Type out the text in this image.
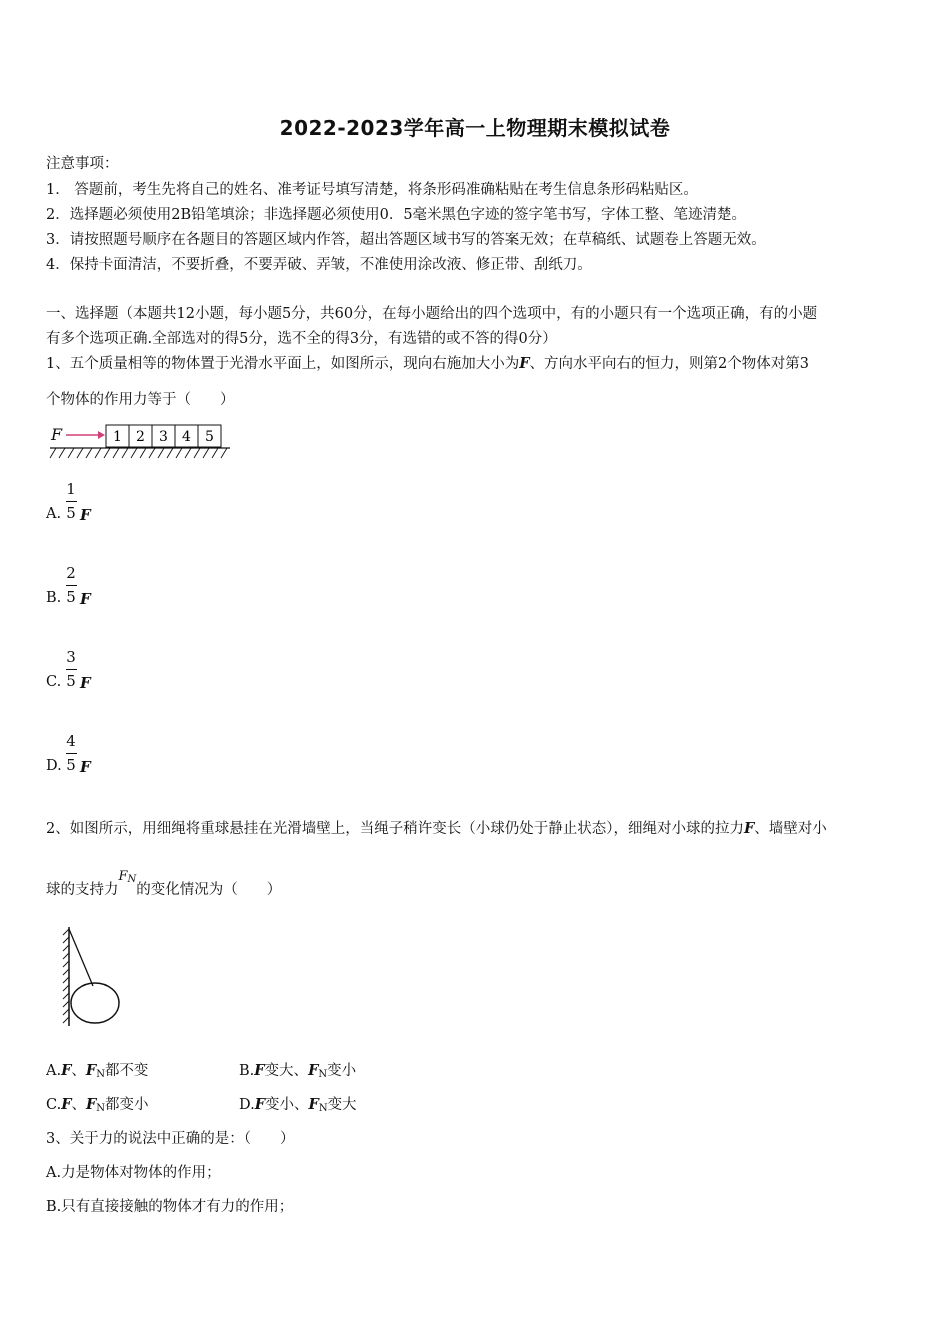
2022-2023学年高一上物理期末模拟试卷
注意事项：
1． 答题前，考生先将自己的姓名、准考证号填写清楚，将条形码准确粘贴在考生信息条形码粘贴区。
2．选择题必须使用2B铅笔填涂；非选择题必须使用0．5毫米黑色字迹的签字笔书写，字体工整、笔迹清楚。
3．请按照题号顺序在各题目的答题区域内作答，超出答题区域书写的答案无效；在草稿纸、试题卷上答题无效。
4．保持卡面清洁，不要折叠，不要弄破、弄皱，不准使用涂改液、修正带、刮纸刀。
一、选择题（本题共12小题，每小题5分，共60分，在每小题给出的四个选项中，有的小题只有一个选项正确，有的小题
有多个选项正确.全部选对的得5分，选不全的得3分，有选错的或不答的得0分）
1、五个质量相等的物体置于光滑水平面上，如图所示，现向右施加大小为F、方向水平向右的恒力，则第2个物体对第3
个物体的作用力等于（　　）
F	1 2 3 4 5
1
5
A. F
2
5
B. F
3
5
C. F
4
5
D. F
2、如图所示，用细绳将重球悬挂在光滑墙壁上，当绳子稍许变长（小球仍处于静止状态），细绳对小球的拉力F、墙壁对小
球的支持力$F_N$的变化情况为（　　）
A.F、$F_N$都不变	B.F变大、$F_N$变小
C.F、$F_N$都变小	D.F变小、$F_N$变大
3、关于力的说法中正确的是：（　　）
A.力是物体对物体的作用；
B.只有直接接触的物体才有力的作用；
